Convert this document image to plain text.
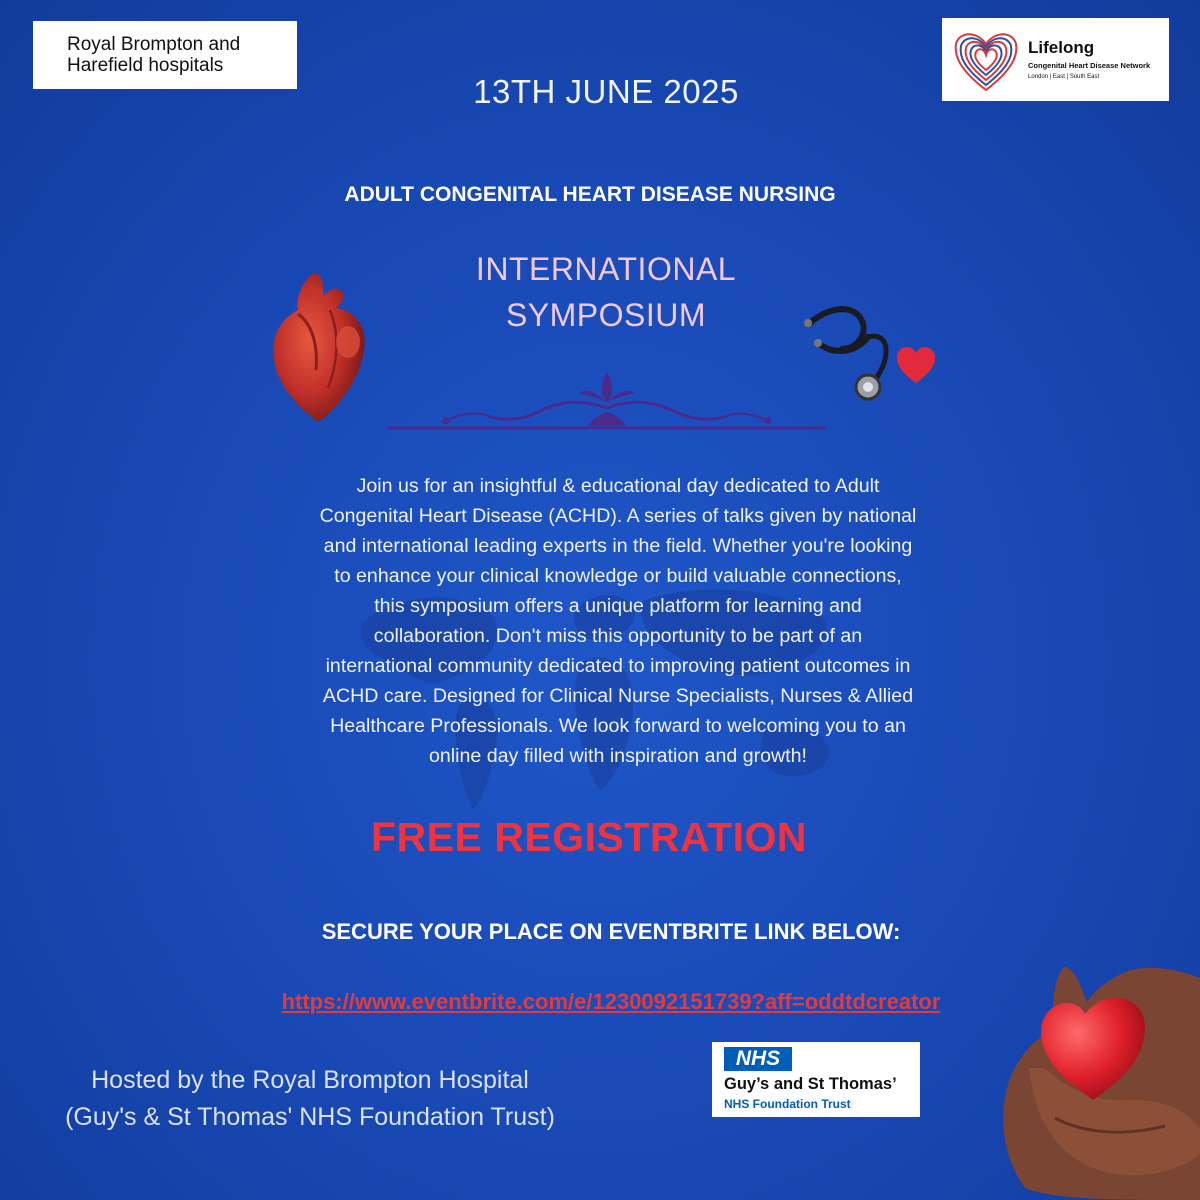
Royal Brompton and
Harefield hospitals
Lifelong
Congenital Heart Disease Network
London | East | South East
13TH JUNE 2025
ADULT CONGENITAL HEART DISEASE NURSING
INTERNATIONAL
SYMPOSIUM
Join us for an insightful & educational day dedicated to Adult
Congenital Heart Disease (ACHD). A series of talks given by national
and international leading experts in the field. Whether you're looking
to enhance your clinical knowledge or build valuable connections,
this symposium offers a unique platform for learning and
collaboration. Don't miss this opportunity to be part of an
international community dedicated to improving patient outcomes in
ACHD care. Designed for Clinical Nurse Specialists, Nurses & Allied
Healthcare Professionals. We look forward to welcoming you to an
online day filled with inspiration and growth!
FREE REGISTRATION
SECURE YOUR PLACE ON EVENTBRITE LINK BELOW:
https://www.eventbrite.com/e/1230092151739?aff=oddtdcreator
Hosted by the Royal Brompton Hospital
(Guy's & St Thomas' NHS Foundation Trust)
NHS
Guy’s and St Thomas’
NHS Foundation Trust
